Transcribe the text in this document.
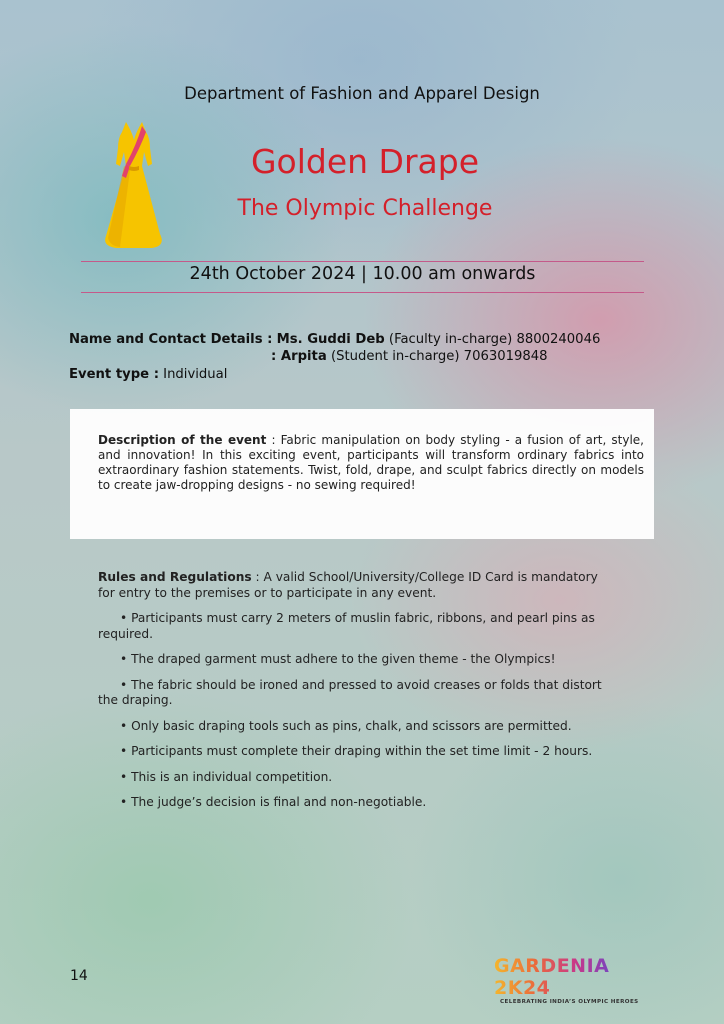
Department of Fashion and Apparel Design
Golden Drape
The Olympic Challenge
24th October 2024 | 10.00 am onwards
Name and Contact Details : Ms. Guddi Deb (Faculty in-charge) 8800240046
: Arpita (Student in-charge) 7063019848
Event type : Individual
Description of the event : Fabric manipulation on body styling - a fusion of art, style, and innovation! In this exciting event, participants will transform ordinary fabrics into extraordinary fashion statements. Twist, fold, drape, and sculpt fabrics directly on models to create jaw-dropping designs - no sewing required!

Rules and Regulations : A valid School/University/College ID Card is mandatory for entry to the premises or to participate in any event.

• Participants must carry 2 meters of muslin fabric, ribbons, and pearl pins as required.

• The draped garment must adhere to the given theme - the Olympics!

• The fabric should be ironed and pressed to avoid creases or folds that distort the draping.

• Only basic draping tools such as pins, chalk, and scissors are permitted.

• Participants must complete their draping within the set time limit - 2 hours.

• This is an individual competition.

• The judge’s decision is final and non-negotiable.

14	GARDENIA 2K24
CELEBRATING INDIA’S OLYMPIC HEROES
